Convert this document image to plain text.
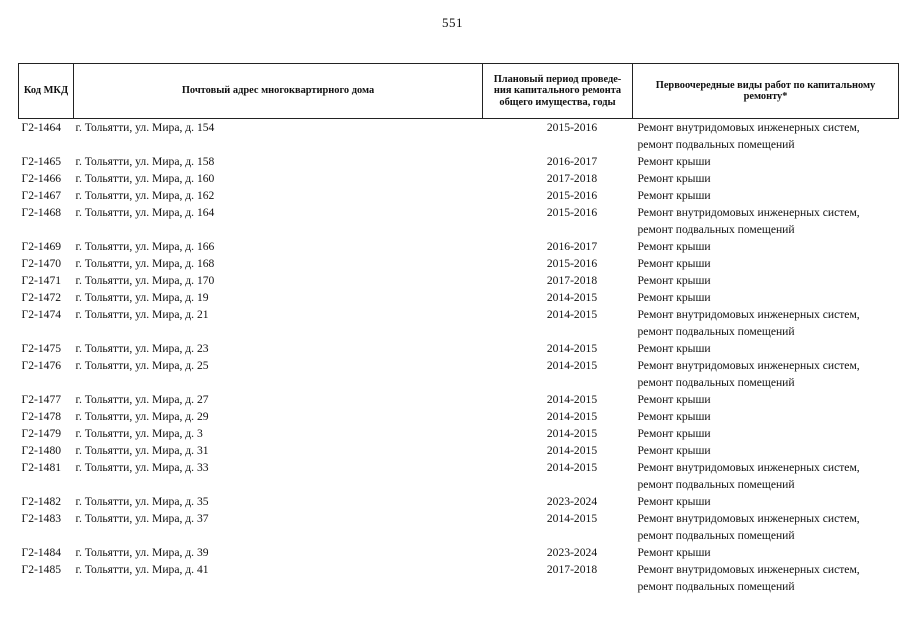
551
Код МКД	Почтовый адрес многоквартирного дома	Плановый период проведе-ния капитального ремонта общего имущества, годы	Первоочередные виды работ по капитальному ремонту*
Г2-1464	г. Тольятти, ул. Мира, д. 154	2015-2016	Ремонт внутридомовых инженерных систем,
ремонт подвальных помещений

Г2-1465	г. Тольятти, ул. Мира, д. 158	2016-2017	Ремонт крыши

Г2-1466	г. Тольятти, ул. Мира, д. 160	2017-2018	Ремонт крыши

Г2-1467	г. Тольятти, ул. Мира, д. 162	2015-2016	Ремонт крыши

Г2-1468	г. Тольятти, ул. Мира, д. 164	2015-2016	Ремонт внутридомовых инженерных систем,
ремонт подвальных помещений

Г2-1469	г. Тольятти, ул. Мира, д. 166	2016-2017	Ремонт крыши

Г2-1470	г. Тольятти, ул. Мира, д. 168	2015-2016	Ремонт крыши

Г2-1471	г. Тольятти, ул. Мира, д. 170	2017-2018	Ремонт крыши

Г2-1472	г. Тольятти, ул. Мира, д. 19	2014-2015	Ремонт крыши

Г2-1474	г. Тольятти, ул. Мира, д. 21	2014-2015	Ремонт внутридомовых инженерных систем,
ремонт подвальных помещений

Г2-1475	г. Тольятти, ул. Мира, д. 23	2014-2015	Ремонт крыши

Г2-1476	г. Тольятти, ул. Мира, д. 25	2014-2015	Ремонт внутридомовых инженерных систем,
ремонт подвальных помещений

Г2-1477	г. Тольятти, ул. Мира, д. 27	2014-2015	Ремонт крыши

Г2-1478	г. Тольятти, ул. Мира, д. 29	2014-2015	Ремонт крыши

Г2-1479	г. Тольятти, ул. Мира, д. 3	2014-2015	Ремонт крыши

Г2-1480	г. Тольятти, ул. Мира, д. 31	2014-2015	Ремонт крыши

Г2-1481	г. Тольятти, ул. Мира, д. 33	2014-2015	Ремонт внутридомовых инженерных систем,
ремонт подвальных помещений

Г2-1482	г. Тольятти, ул. Мира, д. 35	2023-2024	Ремонт крыши

Г2-1483	г. Тольятти, ул. Мира, д. 37	2014-2015	Ремонт внутридомовых инженерных систем,
ремонт подвальных помещений

Г2-1484	г. Тольятти, ул. Мира, д. 39	2023-2024	Ремонт крыши

Г2-1485	г. Тольятти, ул. Мира, д. 41	2017-2018	Ремонт внутридомовых инженерных систем,
ремонт подвальных помещений
